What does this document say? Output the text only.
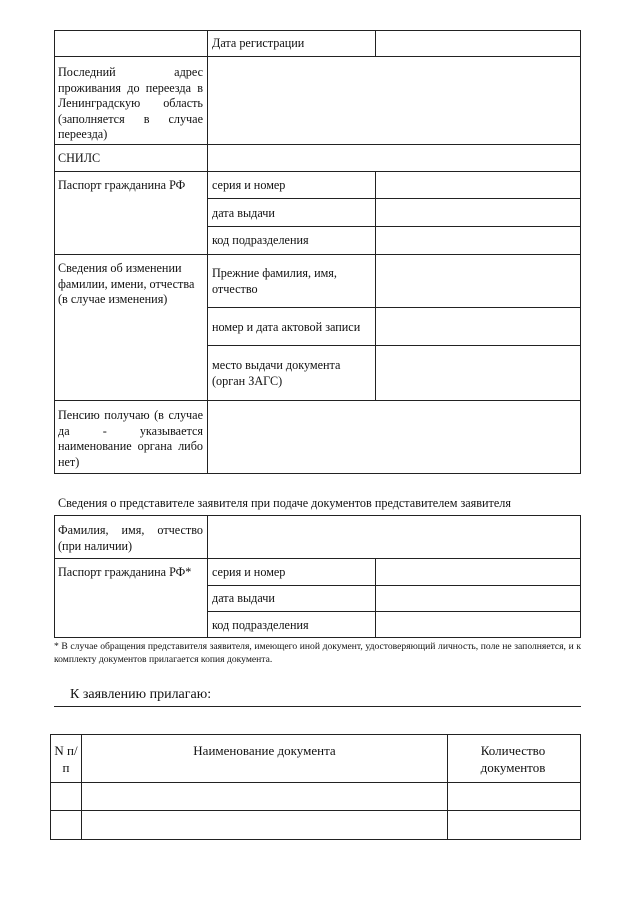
Дата регистрации
Последний адрес проживания до переезда в Ленинградскую область (заполняется в случае переезда)
СНИЛС
Паспорт гражданина РФ серия и номер
дата выдачи
код подразделения
Сведения об изменении фамилии, имени, отчества (в случае изменения)
Прежние фамилия, имя, отчество
номер и дата актовой записи
место выдачи документа (орган ЗАГС)
Пенсию получаю (в случае да - указывается наименование органа либо нет)
Сведения о представителе заявителя при подаче документов представителем заявителя
Фамилия, имя, отчество (при наличии)
Паспорт гражданина РФ* серия и номер
дата выдачи
код подразделения
* В случае обращения представителя заявителя, имеющего иной документ, удостоверяющий личность, поле не заполняется, и к комплекту документов прилагается копия документа.
К заявлению прилагаю:
N п/п
Наименование документа	Количество документов
